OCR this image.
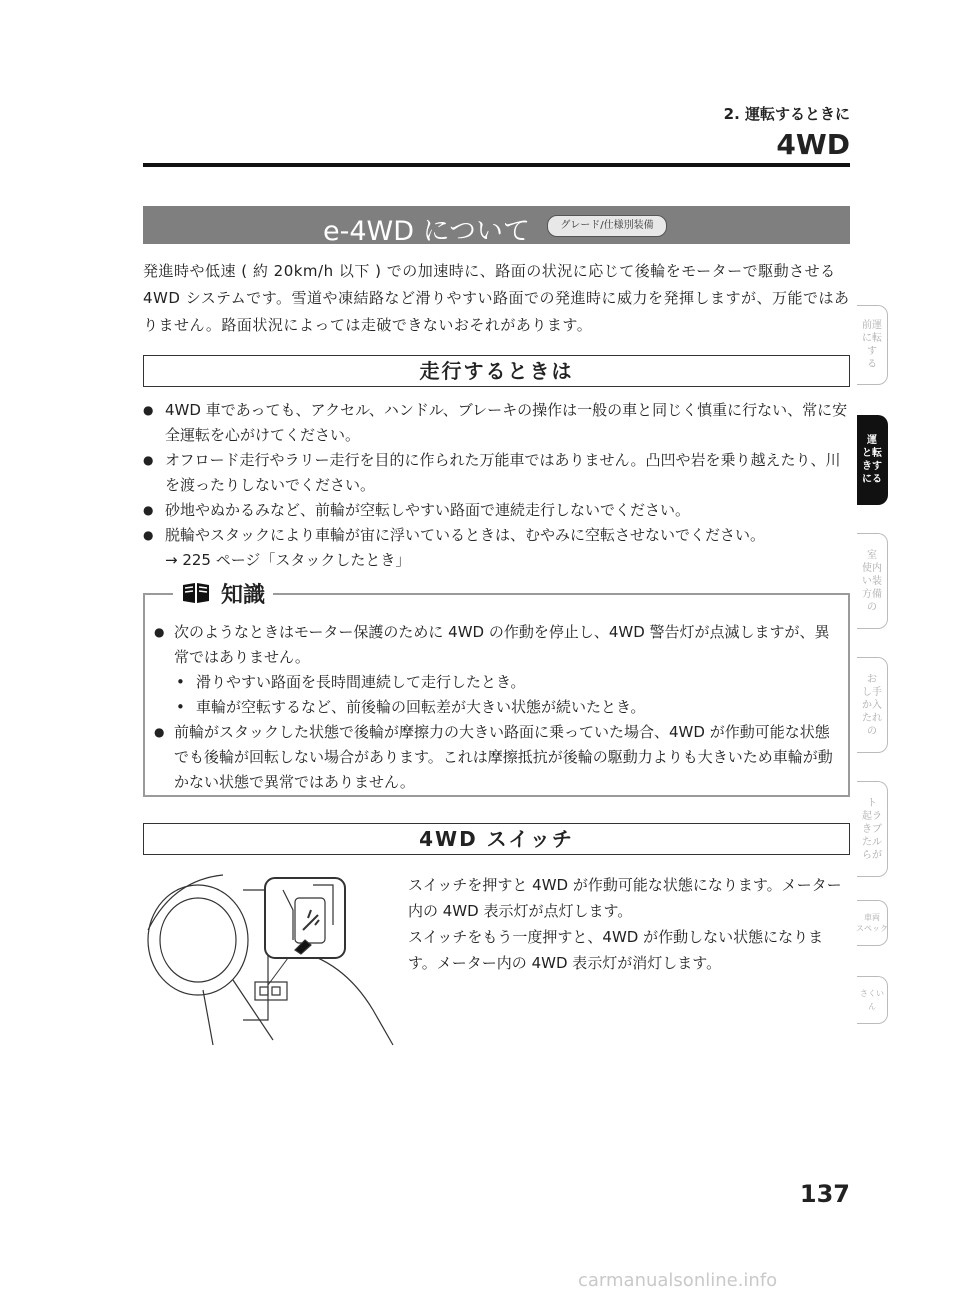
2. 運転するときに
4WD
e-4WD について	グレード/仕様別装備
発進時や低速 ( 約 20km/h 以下 ) での加速時に、路面の状況に応じて後輪をモーターで駆動させる 4WD システムです。雪道や凍結路など滑りやすい路面での発進時に威力を発揮しますが、万能ではありません。路面状況によっては走破できないおそれがあります。
走行するときは
● 4WD 車であっても、アクセル、ハンドル、ブレーキの操作は一般の車と同じく慎重に行ない、常に安全運転を心がけてください。
● オフロード走行やラリー走行を目的に作られた万能車ではありません。凸凹や岩を乗り越えたり、川を渡ったりしないでください。
● 砂地やぬかるみなど、前輪が空転しやすい路面で連続走行しないでください。
● 脱輪やスタックにより車輪が宙に浮いているときは、むやみに空転させないでください。
→ 225 ページ「スタックしたとき」
知識
● 次のようなときはモーター保護のために 4WD の作動を停止し、4WD 警告灯が点滅しますが、異常ではありません。
• 滑りやすい路面を長時間連続して走行したとき。
• 車輪が空転するなど、前後輪の回転差が大きい状態が続いたとき。
● 前輪がスタックした状態で後輪が摩擦力の大きい路面に乗っていた場合、4WD が作動可能な状態でも後輪が回転しない場合があります。これは摩擦抵抗が後輪の駆動力よりも大きいため車輪が動かない状態で異常ではありません。
4WD スイッチ
スイッチを押すと 4WD が作動可能な状態になります。メーター内の 4WD 表示灯が点灯します。
スイッチをもう一度押すと、4WD が作動しない状態になります。メーター内の 4WD 表示灯が消灯します。
前運
に転
す
る
運
と転
きす
にる
室
使内
い装
方備
の
お
し手
か入
たれ
の
ト
起ラ
きブ
たル
らが
車両
スペック
さくいん
137
carmanualsonline.info
